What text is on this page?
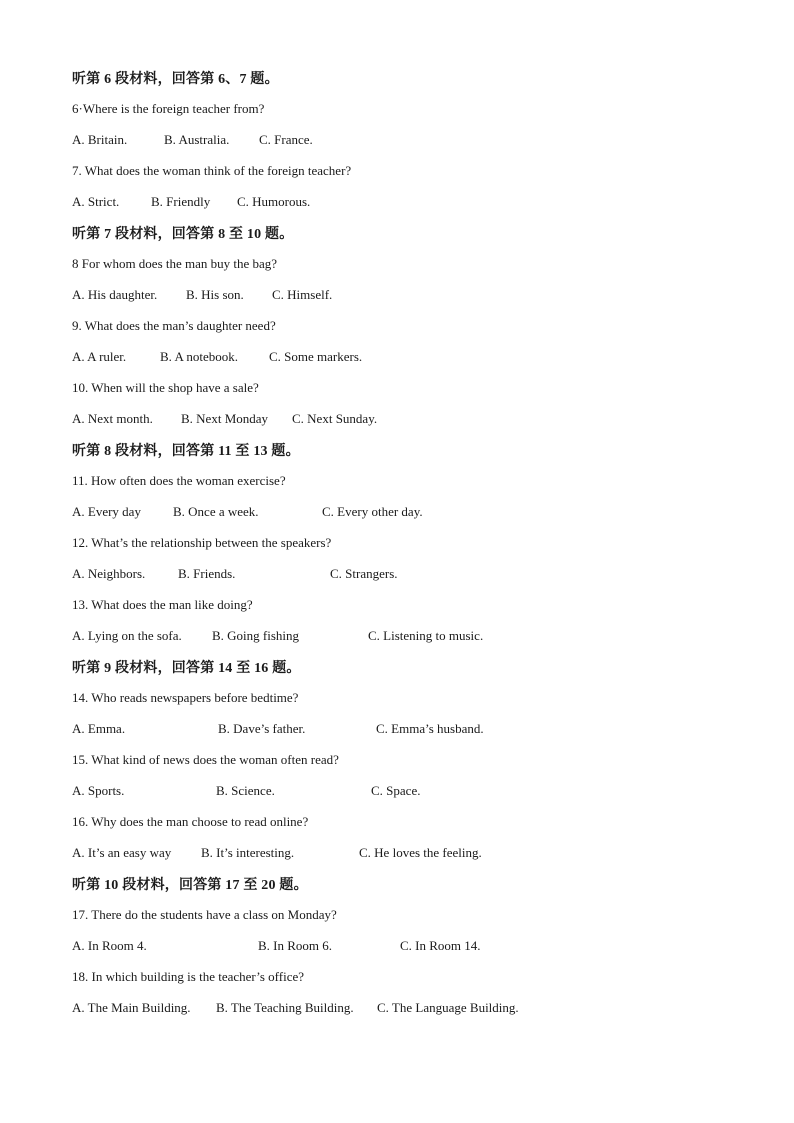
听第 6 段材料，回答第 6、7 题。
6·Where is the foreign teacher from?
A. Britain.	B. Australia. C. France.
7. What does the woman think of the foreign teacher?
A. Strict. B. Friendly C. Humorous.
听第 7 段材料，回答第 8 至 10 题。
8 For whom does the man buy the bag?
A. His daughter. B. His son. C. Himself.
9. What does the man’s daughter need?
A. A ruler.	B. A notebook. C. Some markers.
10. When will the shop have a sale?
A. Next month. B. Next Monday C. Next Sunday.
听第 8 段材料，回答第 11 至 13 题。
11. How often does the woman exercise?
A. Every day B. Once a week.	C. Every other day.
12. What’s the relationship between the speakers?
A. Neighbors.	B. Friends.	C. Strangers.
13. What does the man like doing?
A. Lying on the sofa. B. Going fishing	C. Listening to music.
听第 9 段材料，回答第 14 至 16 题。
14. Who reads newspapers before bedtime?
A. Emma.	B. Dave’s father.	C. Emma’s husband.
15. What kind of news does the woman often read?
A. Sports.	B. Science.	C. Space.
16. Why does the man choose to read online?
A. It’s an easy way B. It’s interesting.	C. He loves the feeling.
听第 10 段材料，回答第 17 至 20 题。
17. There do the students have a class on Monday?
A. In Room 4.	B. In Room 6.	C. In Room 14.
18. In which building is the teacher’s office?
A. The Main Building. B. The Teaching Building. C. The Language Building.
